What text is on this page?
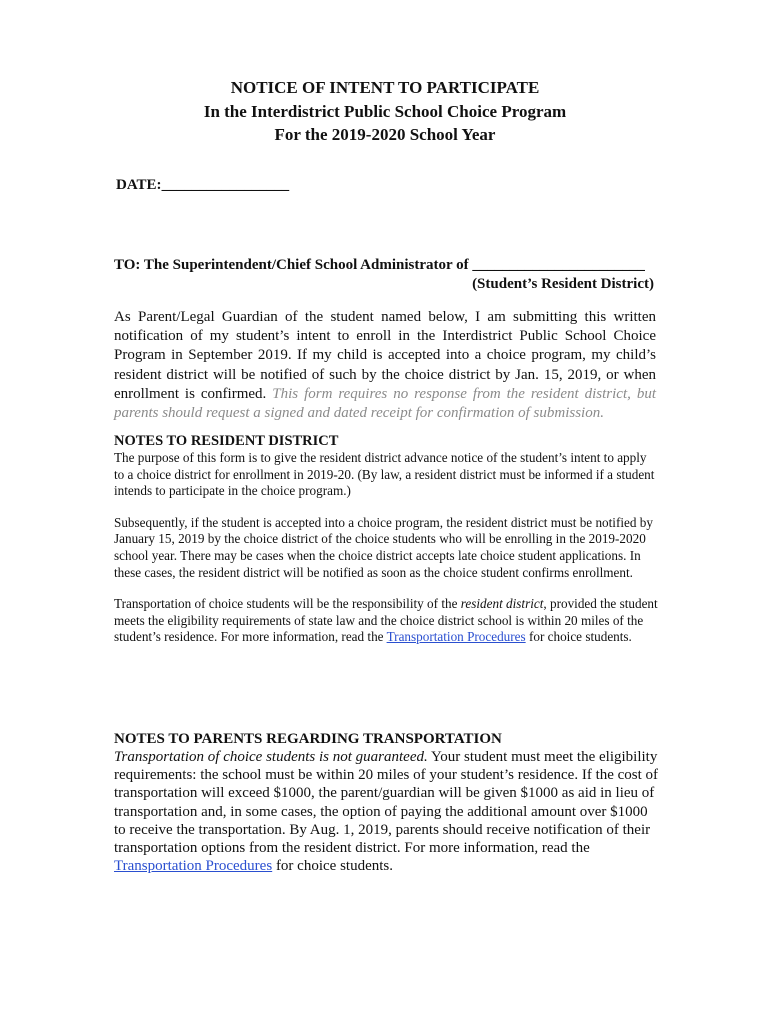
NOTICE OF INTENT TO PARTICIPATE
In the Interdistrict Public School Choice Program
For the 2019-2020 School Year
DATE:_________________
TO: The Superintendent/Chief School Administrator of _______________________
(Student’s Resident District)
As Parent/Legal Guardian of the student named below, I am submitting this written notification of my student’s intent to enroll in the Interdistrict Public School Choice Program in September 2019. If my child is accepted into a choice program, my child’s resident district will be notified of such by the choice district by Jan. 15, 2019, or when enrollment is confirmed. This form requires no response from the resident district, but parents should request a signed and dated receipt for confirmation of submission.

NOTES TO RESIDENT DISTRICT

The purpose of this form is to give the resident district advance notice of the student’s intent to apply to a choice district for enrollment in 2019-20. (By law, a resident district must be informed if a student intends to participate in the choice program.)

Subsequently, if the student is accepted into a choice program, the resident district must be notified by January 15, 2019 by the choice district of the choice students who will be enrolling in the 2019-2020 school year. There may be cases when the choice district accepts late choice student applications. In these cases, the resident district will be notified as soon as the choice student confirms enrollment.

Transportation of choice students will be the responsibility of the resident district, provided the student meets the eligibility requirements of state law and the choice district school is within 20 miles of the student’s residence. For more information, read the Transportation Procedures for choice students.

NOTES TO PARENTS REGARDING TRANSPORTATION

Transportation of choice students is not guaranteed. Your student must meet the eligibility requirements: the school must be within 20 miles of your student’s residence. If the cost of transportation will exceed $1000, the parent/guardian will be given $1000 as aid in lieu of transportation and, in some cases, the option of paying the additional amount over $1000 to receive the transportation. By Aug. 1, 2019, parents should receive notification of their transportation options from the resident district. For more information, read the Transportation Procedures for choice students.
